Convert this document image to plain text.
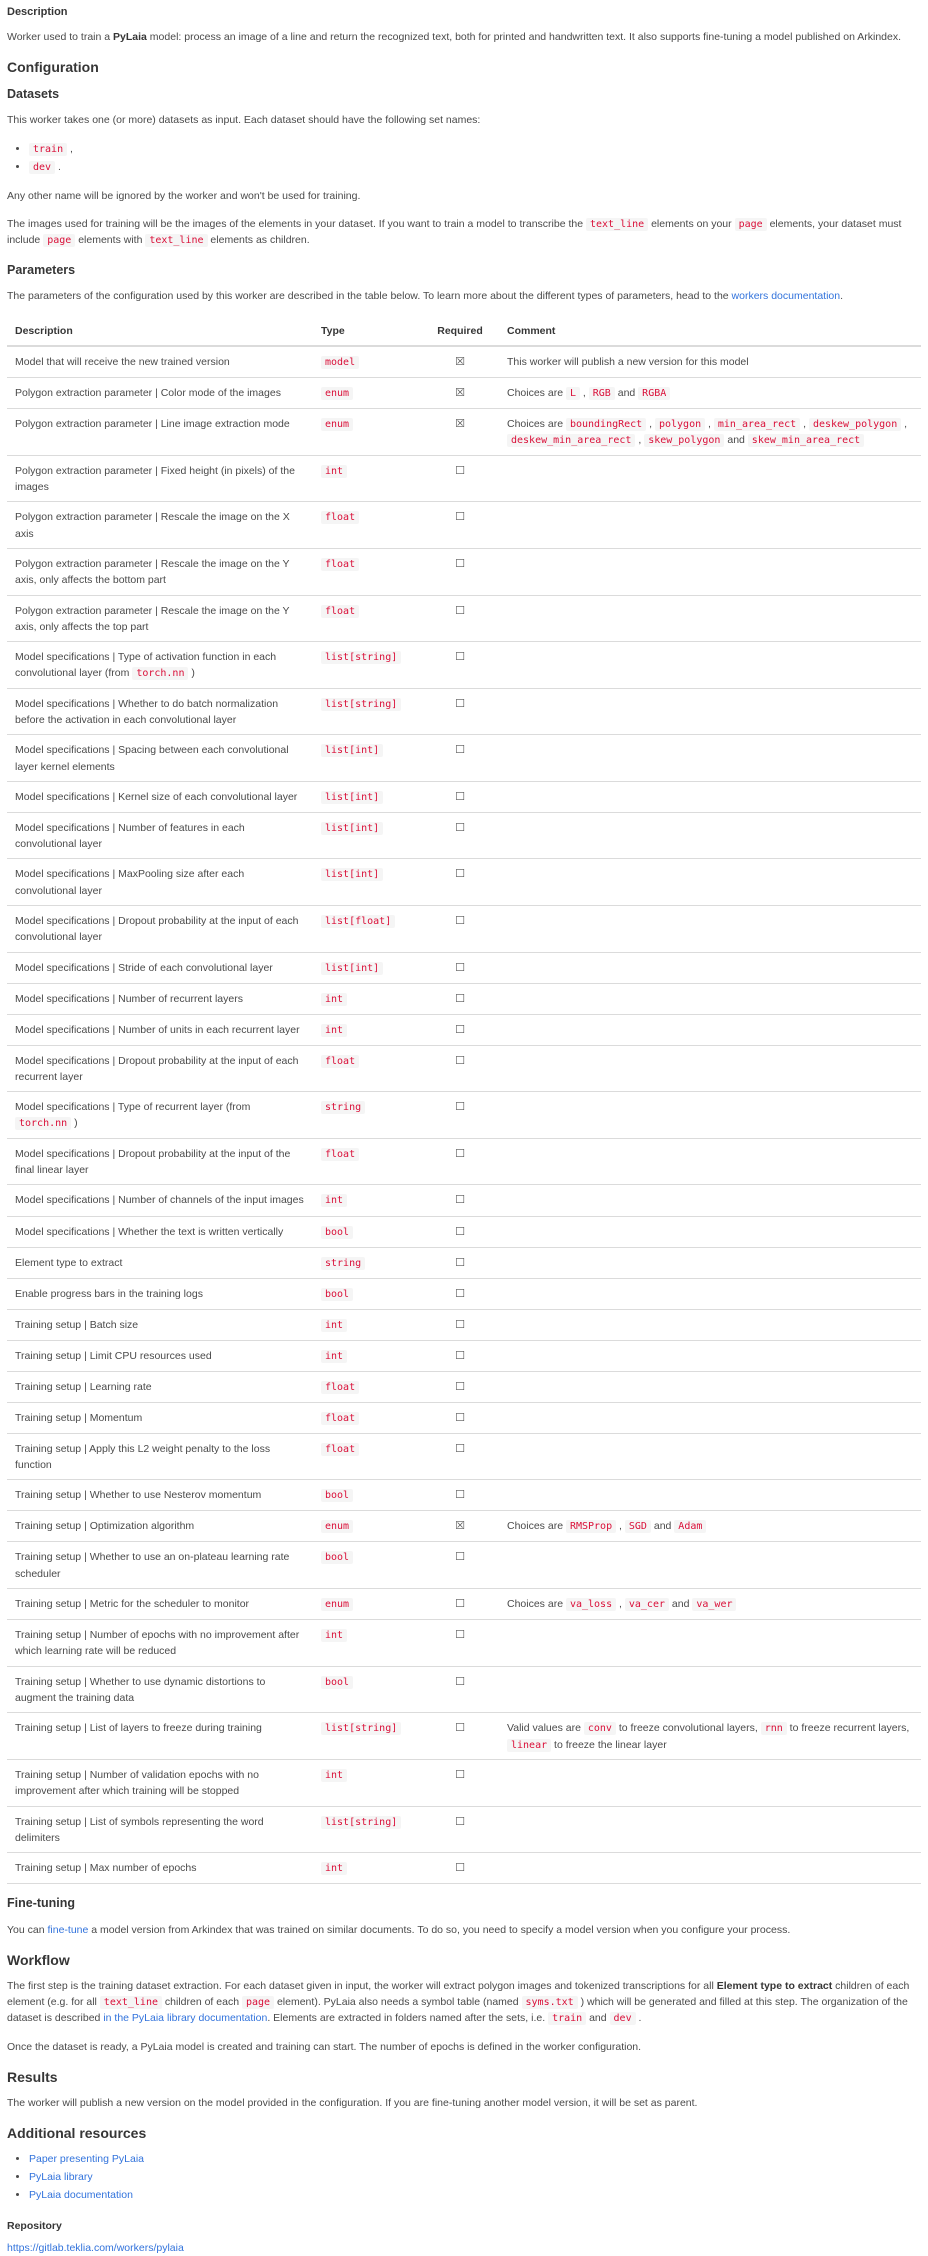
Description

Worker used to train a PyLaia model: process an image of a line and return the recognized text, both for printed and handwritten text. It also supports fine-tuning a model published on Arkindex.

Configuration
Datasets

This worker takes one (or more) datasets as input. Each dataset should have the following set names:

• train ,
• dev .

Any other name will be ignored by the worker and won't be used for training.

The images used for training will be the images of the elements in your dataset. If you want to train a model to transcribe the text_line elements on your page elements, your dataset must include page elements with text_line elements as children.

Parameters

The parameters of the configuration used by this worker are described in the table below. To learn more about the different types of parameters, head to the workers documentation.

Description	Type	Required	Comment
Model that will receive the new trained version	model	☒	This worker will publish a new version for this model
Polygon extraction parameter | Color mode of the images	enum	☒	Choices are L , RGB and RGBA
Polygon extraction parameter | Line image extraction mode	enum	☒	Choices are boundingRect , polygon , min_area_rect , deskew_polygon , deskew_min_area_rect , skew_polygon and skew_min_area_rect
Polygon extraction parameter | Fixed height (in pixels) of the images	int	☐	
Polygon extraction parameter | Rescale the image on the X axis	float	☐	
Polygon extraction parameter | Rescale the image on the Y axis, only affects the bottom part	float	☐	
Polygon extraction parameter | Rescale the image on the Y axis, only affects the top part	float	☐	
Model specifications | Type of activation function in each convolutional layer (from torch.nn )	list[string]	☐	
Model specifications | Whether to do batch normalization before the activation in each convolutional layer	list[string]	☐	
Model specifications | Spacing between each convolutional layer kernel elements	list[int]	☐	
Model specifications | Kernel size of each convolutional layer	list[int]	☐	
Model specifications | Number of features in each convolutional layer	list[int]	☐	
Model specifications | MaxPooling size after each convolutional layer	list[int]	☐	
Model specifications | Dropout probability at the input of each convolutional layer	list[float]	☐	
Model specifications | Stride of each convolutional layer	list[int]	☐	
Model specifications | Number of recurrent layers	int	☐	
Model specifications | Number of units in each recurrent layer	int	☐	
Model specifications | Dropout probability at the input of each recurrent layer	float	☐	
Model specifications | Type of recurrent layer (from torch.nn )	string	☐	
Model specifications | Dropout probability at the input of the final linear layer	float	☐	
Model specifications | Number of channels of the input images	int	☐	
Model specifications | Whether the text is written vertically	bool	☐	
Element type to extract	string	☐	
Enable progress bars in the training logs	bool	☐	
Training setup | Batch size	int	☐	
Training setup | Limit CPU resources used	int	☐	
Training setup | Learning rate	float	☐	
Training setup | Momentum	float	☐	
Training setup | Apply this L2 weight penalty to the loss function	float	☐	
Training setup | Whether to use Nesterov momentum	bool	☐	
Training setup | Optimization algorithm	enum	☒	Choices are RMSProp , SGD and Adam
Training setup | Whether to use an on-plateau learning rate scheduler	bool	☐	
Training setup | Metric for the scheduler to monitor	enum	☐	Choices are va_loss , va_cer and va_wer
Training setup | Number of epochs with no improvement after which learning rate will be reduced	int	☐	
Training setup | Whether to use dynamic distortions to augment the training data	bool	☐	
Training setup | List of layers to freeze during training	list[string]	☐	Valid values are conv to freeze convolutional layers, rnn to freeze recurrent layers, linear to freeze the linear layer
Training setup | Number of validation epochs with no improvement after which training will be stopped	int	☐	
Training setup | List of symbols representing the word delimiters	list[string]	☐	
Training setup | Max number of epochs	int	☐	
Fine-tuning

You can fine-tune a model version from Arkindex that was trained on similar documents. To do so, you need to specify a model version when you configure your process.

Workflow

The first step is the training dataset extraction. For each dataset given in input, the worker will extract polygon images and tokenized transcriptions for all Element type to extract children of each element (e.g. for all text_line children of each page element). PyLaia also needs a symbol table (named syms.txt ) which will be generated and filled at this step. The organization of the dataset is described in the PyLaia library documentation. Elements are extracted in folders named after the sets, i.e. train and dev .

Once the dataset is ready, a PyLaia model is created and training can start. The number of epochs is defined in the worker configuration.

Results

The worker will publish a new version on the model provided in the configuration. If you are fine-tuning another model version, it will be set as parent.

Additional resources
• Paper presenting PyLaia
• PyLaia library
• PyLaia documentation
Repository

https://gitlab.teklia.com/workers/pylaia
